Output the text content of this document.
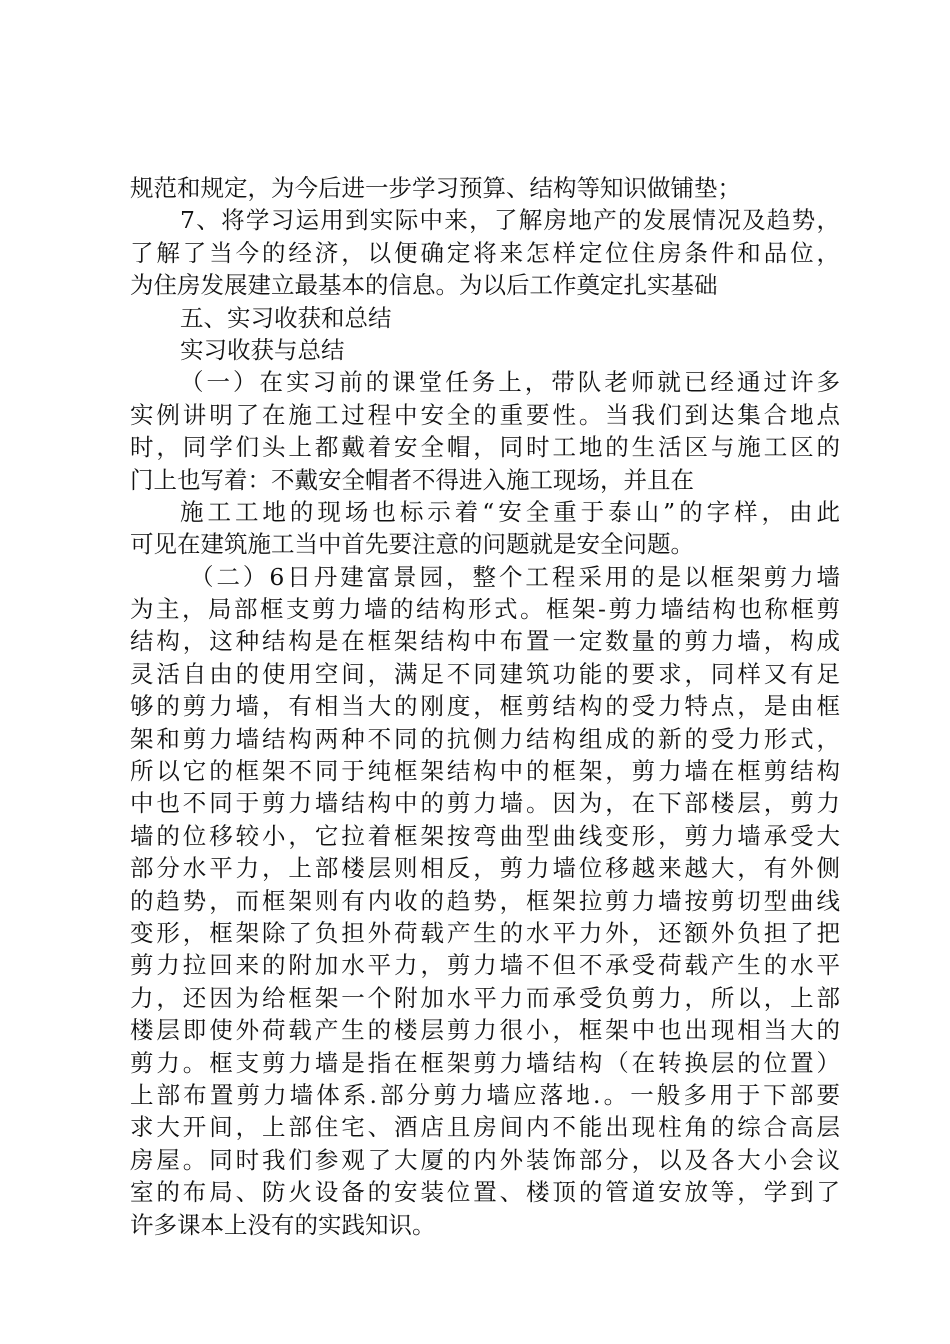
规范和规定，为今后进一步学习预算、结构等知识做铺垫；
7、将学习运用到实际中来，了解房地产的发展情况及趋势，
了解了当今的经济，以便确定将来怎样定位住房条件和品位，
为住房发展建立最基本的信息。为以后工作奠定扎实基础
五、实习收获和总结
实习收获与总结
（一）在实习前的课堂任务上，带队老师就已经通过许多
实例讲明了在施工过程中安全的重要性。当我们到达集合地点
时，同学们头上都戴着安全帽，同时工地的生活区与施工区的
门上也写着：不戴安全帽者不得进入施工现场，并且在
施工工地的现场也标示着“安全重于泰山”的字样，由此
可见在建筑施工当中首先要注意的问题就是安全问题。
（二）6日丹建富景园，整个工程采用的是以框架剪力墙
为主，局部框支剪力墙的结构形式。框架-剪力墙结构也称框剪
结构，这种结构是在框架结构中布置一定数量的剪力墙，构成
灵活自由的使用空间，满足不同建筑功能的要求，同样又有足
够的剪力墙，有相当大的刚度，框剪结构的受力特点，是由框
架和剪力墙结构两种不同的抗侧力结构组成的新的受力形式，
所以它的框架不同于纯框架结构中的框架，剪力墙在框剪结构
中也不同于剪力墙结构中的剪力墙。因为，在下部楼层，剪力
墙的位移较小，它拉着框架按弯曲型曲线变形，剪力墙承受大
部分水平力，上部楼层则相反，剪力墙位移越来越大，有外侧
的趋势，而框架则有内收的趋势，框架拉剪力墙按剪切型曲线
变形，框架除了负担外荷载产生的水平力外，还额外负担了把
剪力拉回来的附加水平力，剪力墙不但不承受荷载产生的水平
力，还因为给框架一个附加水平力而承受负剪力，所以，上部
楼层即使外荷载产生的楼层剪力很小，框架中也出现相当大的
剪力。框支剪力墙是指在框架剪力墙结构（在转换层的位置）
上部布置剪力墙体系.部分剪力墙应落地.。一般多用于下部要
求大开间，上部住宅、酒店且房间内不能出现柱角的综合高层
房屋。同时我们参观了大厦的内外装饰部分，以及各大小会议
室的布局、防火设备的安装位置、楼顶的管道安放等，学到了
许多课本上没有的实践知识。
